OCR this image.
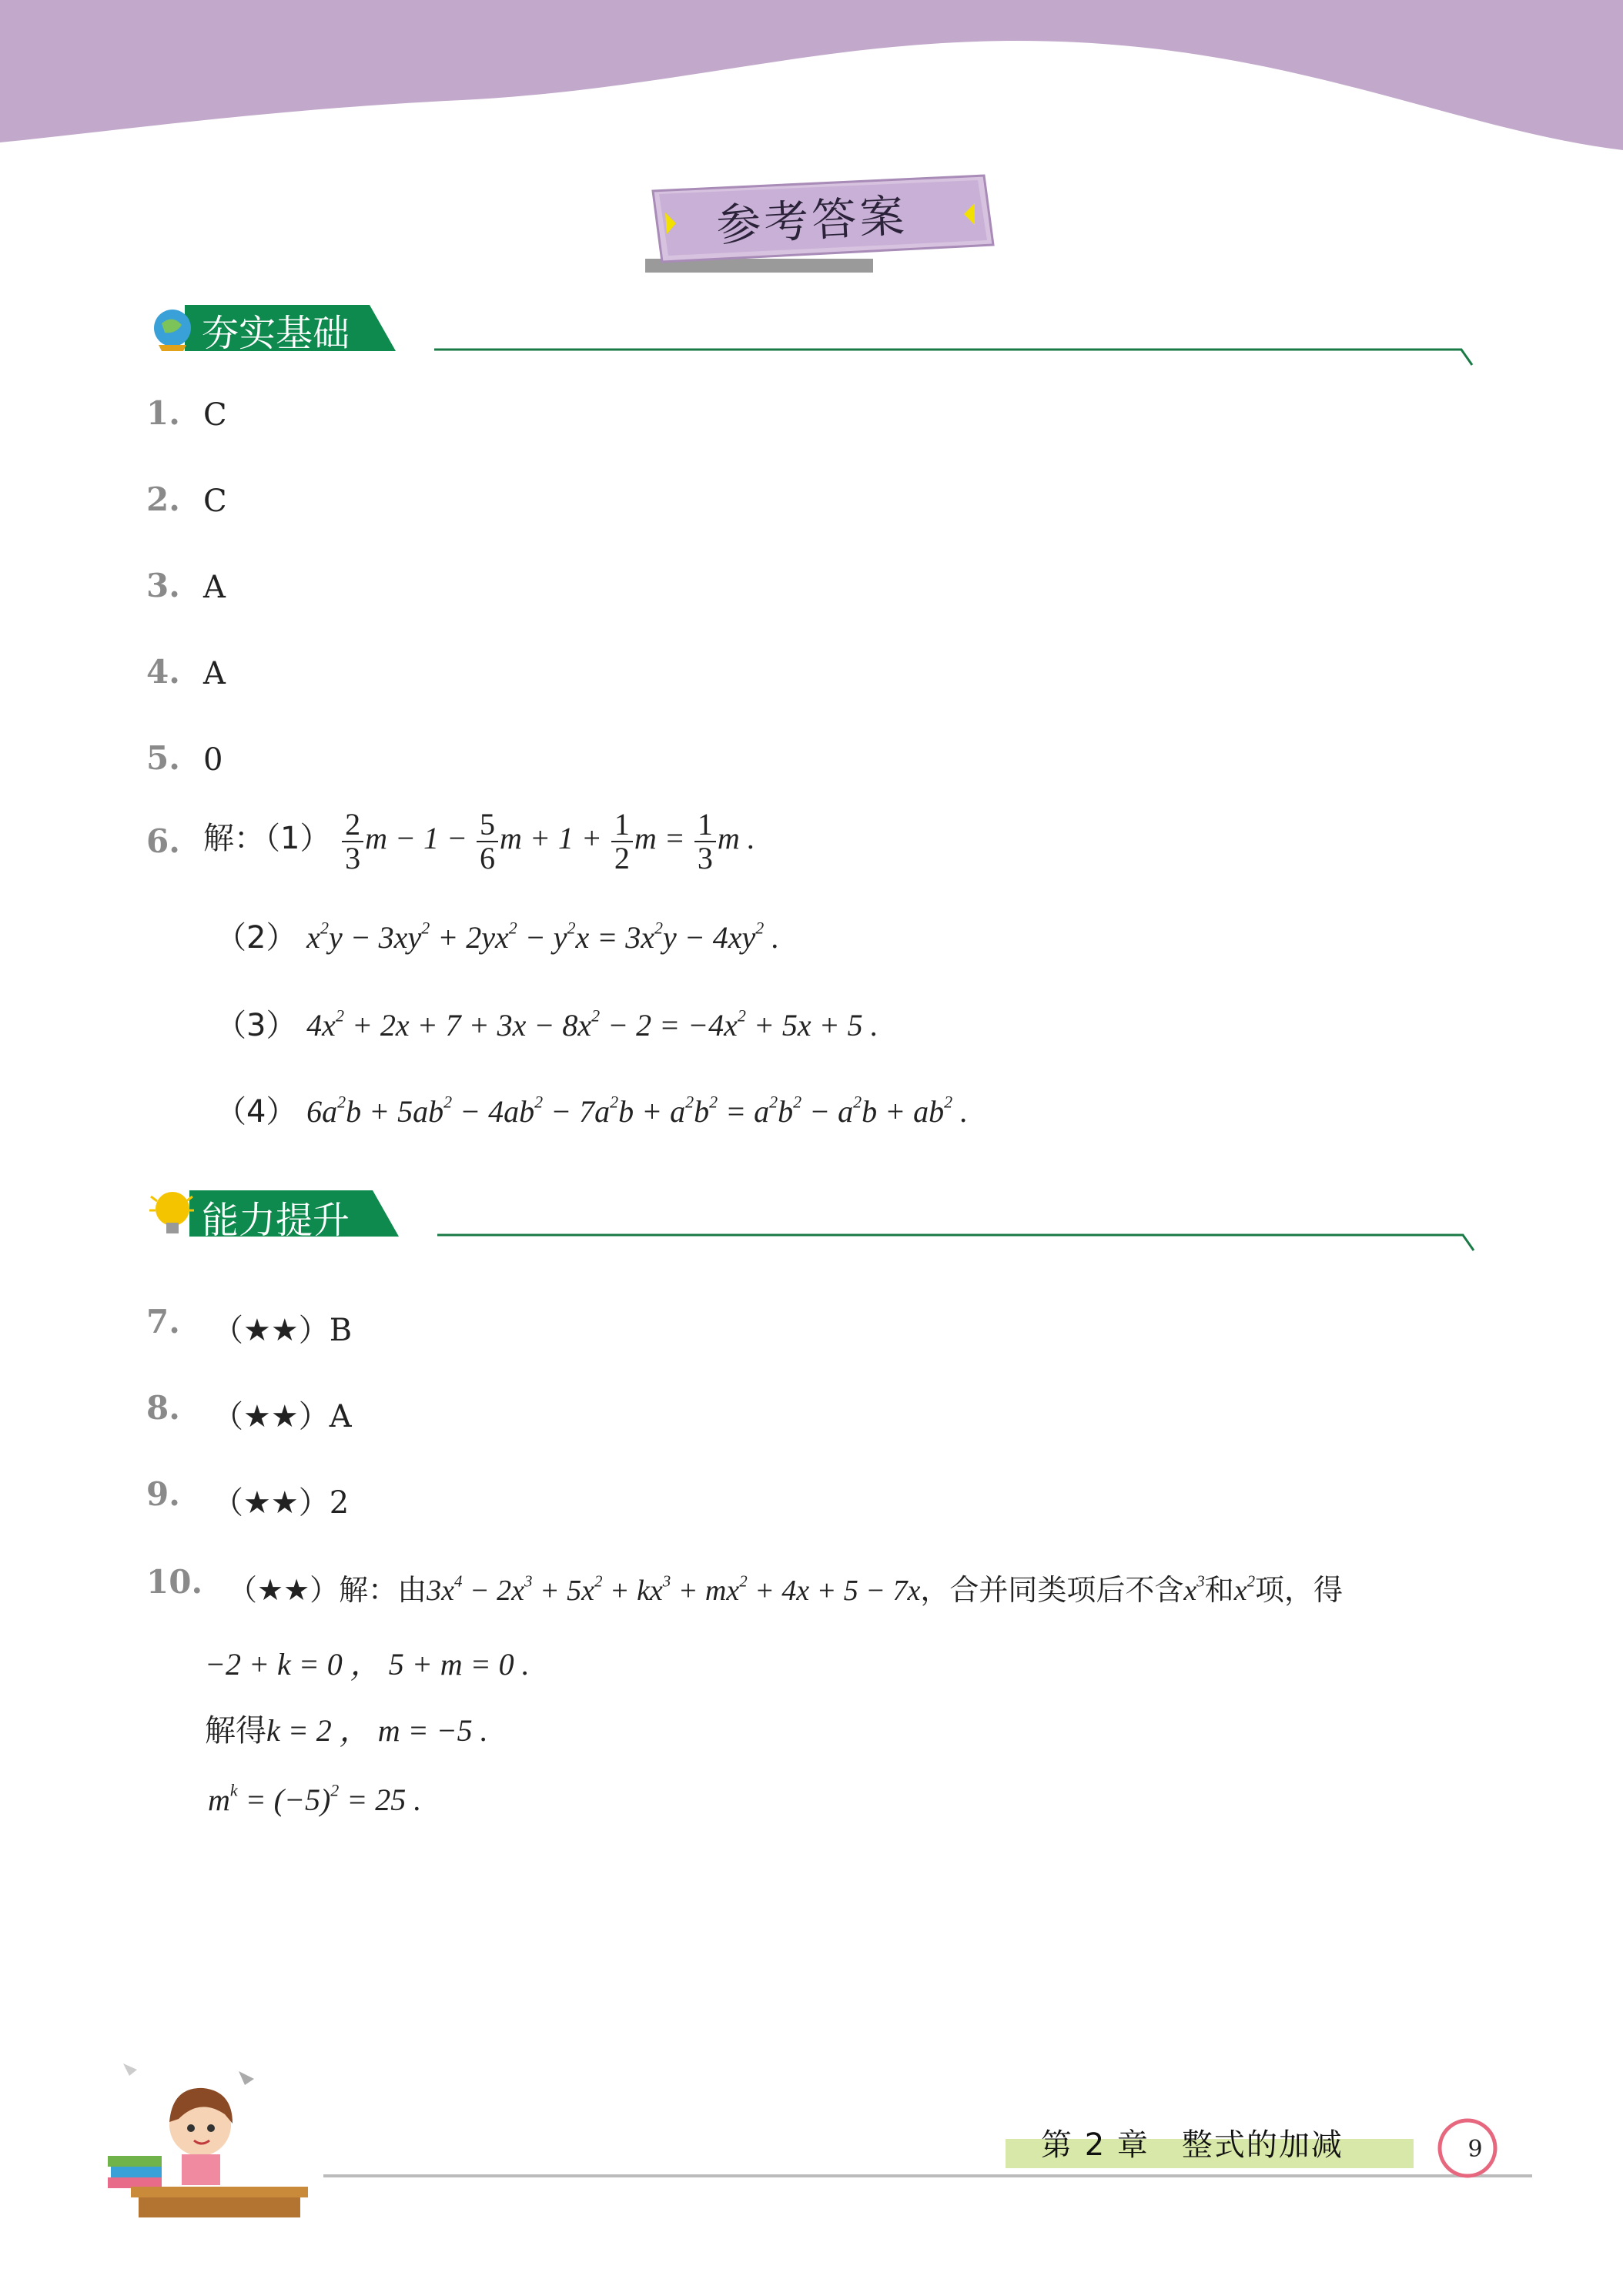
参考答案
夯实基础
1. C
2. C
3. A
4. A
5. 0
6. 解：$(1) \frac{2}{3}$ $m - 1 - \frac{5}{6}$ $m + 1 + \frac{1}{2}$ $m = \frac{1}{3}$ m .
（2） $x^2y - 3xy^2 + 2yx^2 - y^2x = 3x^2y - 4xy^2$ .
（3） $4x^2 + 2x + 7 + 3x - 8x^2 - 2 = -4x^2 + 5x + 5$ .
（4） $6a^2b + 5ab^2 - 4ab^2 - 7a^2b + a^2b^2 = a^2b^2 - a^2b + ab^2$ .
能力提升
7. （★★）B
8. （★★）A
9. （★★）2
10. （★★）解：由$3x^4 - 2x^3 + 5x^2 + kx^3 + mx^2 + 4x + 5 - 7x$，合并同类项后不含$x^3$和$x^2$项，得
−2 + k = 0 ， 5 + m = 0 .
解得k = 2 ， m = −5 .
$m^k = (-5)^2 = 25$ .
第 2 章　整式的加减	9
